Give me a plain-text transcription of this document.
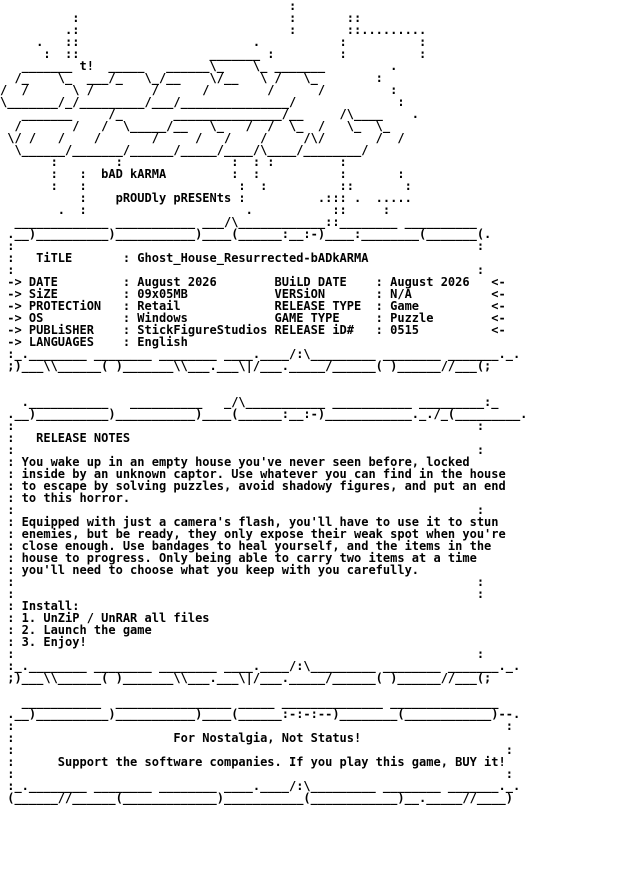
:
:                             :       ::
.:                             :       ::.........
.   ::                        .           :          :
:  ::                  _______ :         :          :
_______ t!  _____   ______\_    \_ _______         .
/_    \_  ___/_   \_/__    \/__   \ /   \_        :
/  /      \ /        /      /        /      /         :
\_______/_/_________/___/_______________/              :
_______     /_       _______________/__     /\____    .
/       /   /  \_____/__   \_   /  /  \_  /   \_  \_
\/ /   /    /       /     /   /    /     /\/       /  /
\______/_______/______/_____/____/\____/________/
:        :               :  : :         :
:   :  bAD kARMA         :  :           :       :
:   :                     :  :          ::       :
:    pROUDly pRESENts :          .::: .  .....
.  :                      .           ::     :
_____________ ___________ ___/\____________::________ __________
.__)__________)___________)____(______:__:-)____:________(_______(.
:                                                                :
:   TiTLE       : Ghost_House_Resurrected-bADkARMA
:                                                                :
-> DATE         : August 2026        BUiLD DATE    : August 2026   <-
-> SiZE         : 09x05MB            VERSiON       : N/A           <-
-> PROTECTiON   : Retail             RELEASE TYPE  : Game          <-
-> OS           : Windows            GAME TYPE     : Puzzle        <-
-> PUBLiSHER    : StickFigureStudios RELEASE iD#   : 0515          <-
-> LANGUAGES    : English
:_.________ ________ ________ ____.____/:\_________ ________ _______._.
;)___\\______( )_______\\___.___\|/___._____/______( )______//___(;

.___________   __________   _/\___________ ___________ _________:_
.__)__________)___________)____(______:__:-)____________._./_(_________.
:                                                                :
:   RELEASE NOTES
:                                                                :
: You wake up in an empty house you've never seen before, locked
: inside by an unknown captor. Use whatever you can find in the house
: to escape by solving puzzles, avoid shadowy figures, and put an end
: to this horror.
:                                                                :
: Equipped with just a camera's flash, you'll have to use it to stun
: enemies, but be ready, they only expose their weak spot when you're
: close enough. Use bandages to heal yourself, and the items in the
: house to progress. Only being able to carry two items at a time
: you'll need to choose what you keep with you carefully.
:                                                                :
:                                                                :
: Install:
: 1. UnZiP / UnRAR all files
: 2. Launch the game
: 3. Enjoy!
:                                                                :
:_.________ ________ ________ ____.____/:\_________ ________ _______._.
;)___\\______( )_______\\___.___\|/___._____/______( )______//___(;

___________  ________________ _____ ______________ _______________
.__)__________)___________)____(______:-:-:--)________(____________)--.
:                                                                    :
:                      For Nostalgia, Not Status!
:                                                                    :
:      Support the software companies. If you play this game, BUY it!
:                                                                    :
:_.________ ________ ________ ____.____/:\_________ ________ _______._.
(______//______(_____________)___________(____________)__._____//____)
